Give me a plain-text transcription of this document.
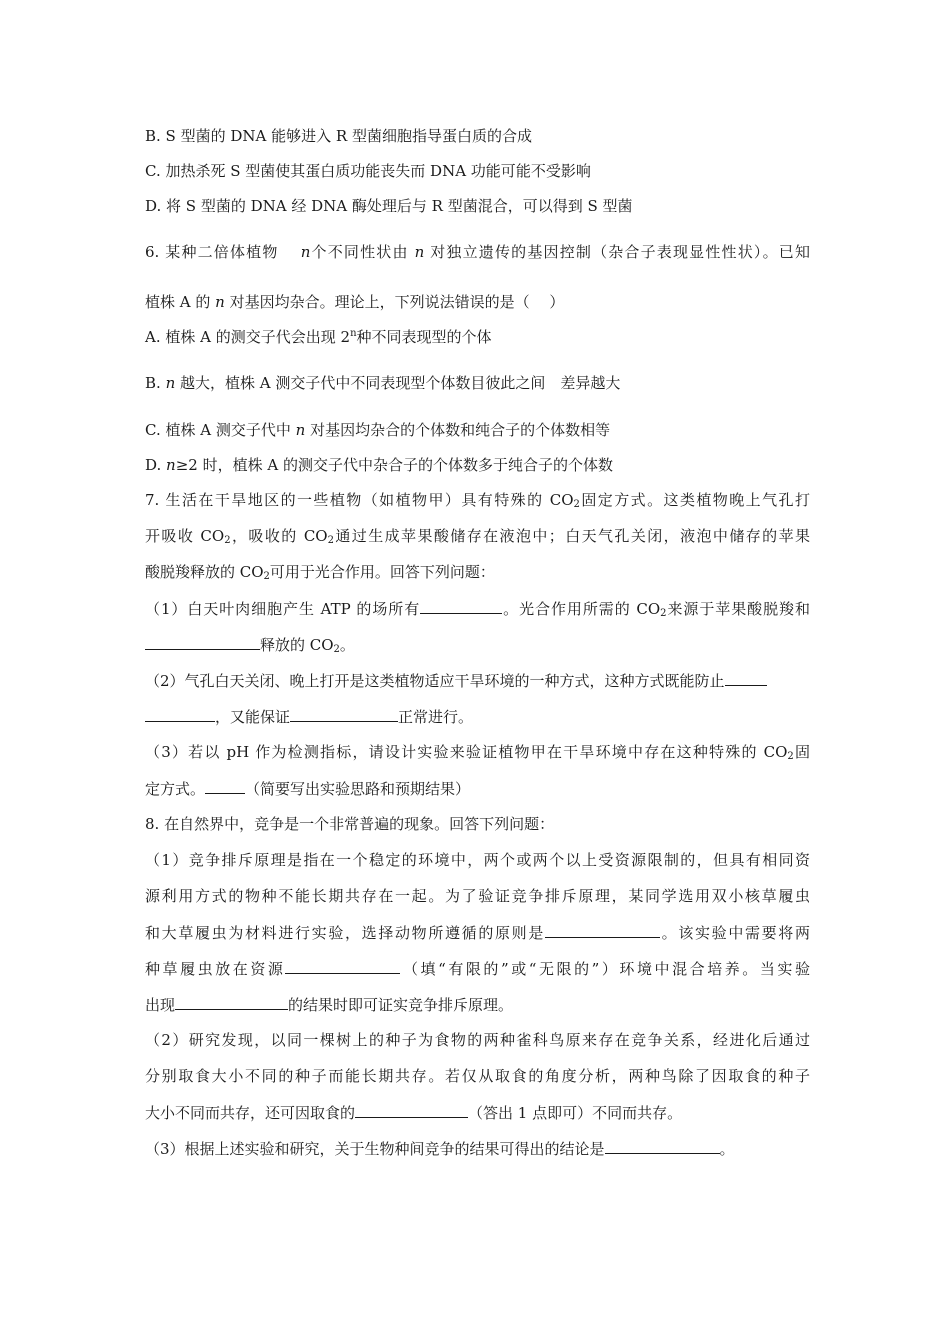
B. S 型菌的 DNA 能够进入 R 型菌细胞指导蛋白质的合成
C. 加热杀死 S 型菌使其蛋白质功能丧失而 DNA 功能可能不受影响
D. 将 S 型菌的 DNA 经 DNA 酶处理后与 R 型菌混合，可以得到 S 型菌
6. 某种二倍体植物　 n个不同性状由 n 对独立遗传的基因控制（杂合子表现显性性状）。已知
植株 A 的 n 对基因均杂合。理论上，下列说法错误的是（　 ）
A. 植株 A 的测交子代会出现 2$^n$种不同表现型的个体
B. n 越大，植株 A 测交子代中不同表现型个体数目彼此之间　差异越大
C. 植株 A 测交子代中 n 对基因均杂合的个体数和纯合子的个体数相等
D. n≥2 时，植株 A 的测交子代中杂合子的个体数多于纯合子的个体数
7. 生活在干旱地区的一些植物（如植物甲）具有特殊的 $CO_2$固定方式。这类植物晚上气孔打
开吸收 $CO_2$，吸收的 $CO_2$通过生成苹果酸储存在液泡中；白天气孔关闭，液泡中储存的苹果
酸脱羧释放的 $CO_2$可用于光合作用。回答下列问题：
（1）白天叶肉细胞产生 ATP 的场所有	。光合作用所需的 $CO_2$来源于苹果酸脱羧和
释放的 $CO_2$。
（2）气孔白天关闭、晚上打开是这类植物适应干旱环境的一种方式，这种方式既能防止
，又能保证	正常进行。
（3）若以 pH 作为检测指标，请设计实验来验证植物甲在干旱环境中存在这种特殊的 $CO_2$固
定方式。	（简要写出实验思路和预期结果）
8. 在自然界中，竞争是一个非常普遍的现象。回答下列问题：
（1）竞争排斥原理是指在一个稳定的环境中，两个或两个以上受资源限制的，但具有相同资
源利用方式的物种不能长期共存在一起。为了验证竞争排斥原理，某同学选用双小核草履虫
和大草履虫为材料进行实验，选择动物所遵循的原则是	。该实验中需要将两
种草履虫放在资源	（填“有限的”或“无限的”）环境中混合培养。当实验
出现	的结果时即可证实竞争排斥原理。
（2）研究发现，以同一棵树上的种子为食物的两种雀科鸟原来存在竞争关系，经进化后通过
分别取食大小不同的种子而能长期共存。若仅从取食的角度分析，两种鸟除了因取食的种子
大小不同而共存，还可因取食的	（答出 1 点即可）不同而共存。
（3）根据上述实验和研究，关于生物种间竞争的结果可得出的结论是	。
